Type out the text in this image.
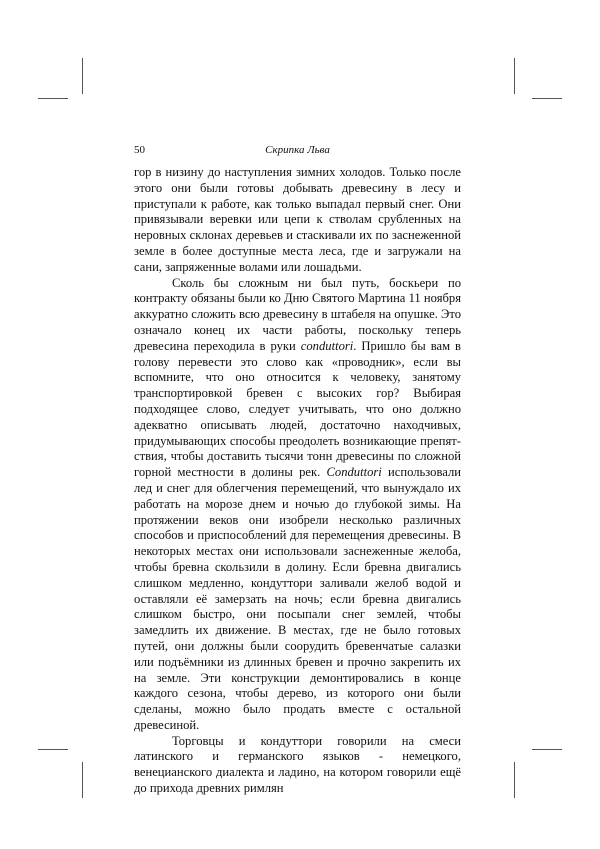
50	Скрипка Льва

гор в низину до наступления зимних холодов. Только после этого они были готовы добывать древесину в лесу и приступали к работе, как только выпадал первый снег. Они привязывали веревки или цепи к стволам срубленных на неровных склонах деревьев и стаскивали их по заснеженной земле в более доступные места леса, где и загружали на сани, запряженные волами или лошадьми.

Сколь бы сложным ни был путь, боскьери по контракту обязаны были ко Дню Святого Мартина 11 ноября аккуратно сложить всю древесину в штабеля на опушке. Это означало конец их части работы, поскольку теперь древесина переходила в руки conduttori. Пришло бы вам в голову перевести это слово как «проводник», если вы вспомните, что оно относится к человеку, занятому транспортировкой бревен с высоких гор? Выбирая подходящее слово, следует учитывать, что оно должно адекватно описывать людей, достаточно находчивых, придумывающих способы преодолеть возникающие препятствия, чтобы доставить тысячи тонн древесины по сложной горной местности в долины рек. Conduttori использовали лед и снег для облегчения перемещений, что вынуждало их работать на морозе днем и ночью до глубокой зимы. На протяжении веков они изобрели несколько различных способов и приспособлений для перемещения древесины. В некоторых местах они использовали заснеженные желоба, чтобы бревна скользили в долину. Если бревна двигались слишком медленно, кондуттори заливали желоб водой и оставляли её замерзать на ночь; если бревна двигались слишком быстро, они посыпали снег землей, чтобы замедлить их движение. В местах, где не было готовых путей, они должны были соорудить бревенчатые салазки или подъёмники из длинных бревен и прочно закрепить их на земле. Эти конструкции демонтировались в конце каждого сезона, чтобы дерево, из которого они были сделаны, можно было продать вместе с остальной древесиной.

Торговцы и кондуттори говорили на смеси латинского и германского языков - немецкого, венецианского диалекта и ладино, на котором говорили ещё до прихода древних римлян
